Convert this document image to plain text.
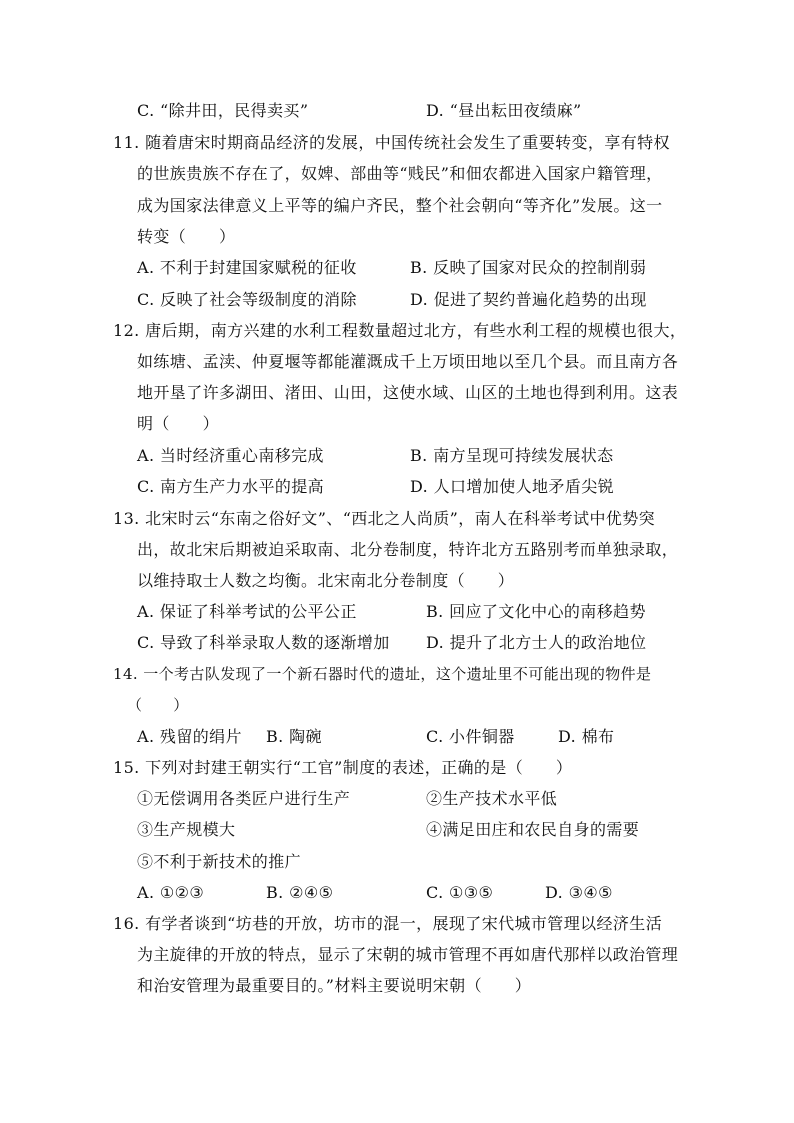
C. “除井田，民得卖买”	D. “昼出耘田夜绩麻”
11. 随着唐宋时期商品经济的发展，中国传统社会发生了重要转变，享有特权
的世族贵族不存在了，奴婢、部曲等“贱民”和佃农都进入国家户籍管理，
成为国家法律意义上平等的编户齐民，整个社会朝向“等齐化”发展。这一
转变（　　）
A. 不利于封建国家赋税的征收	B. 反映了国家对民众的控制削弱
C. 反映了社会等级制度的消除	D. 促进了契约普遍化趋势的出现
12. 唐后期，南方兴建的水利工程数量超过北方，有些水利工程的规模也很大，
如练塘、孟渎、仲夏堰等都能灌溉成千上万顷田地以至几个县。而且南方各
地开垦了许多湖田、渚田、山田，这使水域、山区的土地也得到利用。这表
明（　　）
A. 当时经济重心南移完成	B. 南方呈现可持续发展状态
C. 南方生产力水平的提高	D. 人口增加使人地矛盾尖锐
13. 北宋时云“东南之俗好文”、“西北之人尚质”，南人在科举考试中优势突
出，故北宋后期被迫采取南、北分卷制度，特许北方五路别考而单独录取，
以维持取士人数之均衡。北宋南北分卷制度（　　）
A. 保证了科举考试的公平公正	B. 回应了文化中心的南移趋势
C. 导致了科举录取人数的逐渐增加 D. 提升了北方士人的政治地位
14. 一个考古队发现了一个新石器时代的遗址，这个遗址里不可能出现的物件是
（　　）
A. 残留的绢片 B. 陶碗	C. 小件铜器	D. 棉布
15. 下列对封建王朝实行“工官”制度的表述，正确的是（　　）
①无偿调用各类匠户进行生产	②生产技术水平低
③生产规模大	④满足田庄和农民自身的需要
⑤不利于新技术的推广
A. ①②③	B. ②④⑤	C. ①③⑤	D. ③④⑤
16. 有学者谈到“坊巷的开放，坊市的混一，展现了宋代城市管理以经济生活
为主旋律的开放的特点，显示了宋朝的城市管理不再如唐代那样以政治管理
和治安管理为最重要目的。”材料主要说明宋朝（　　）
